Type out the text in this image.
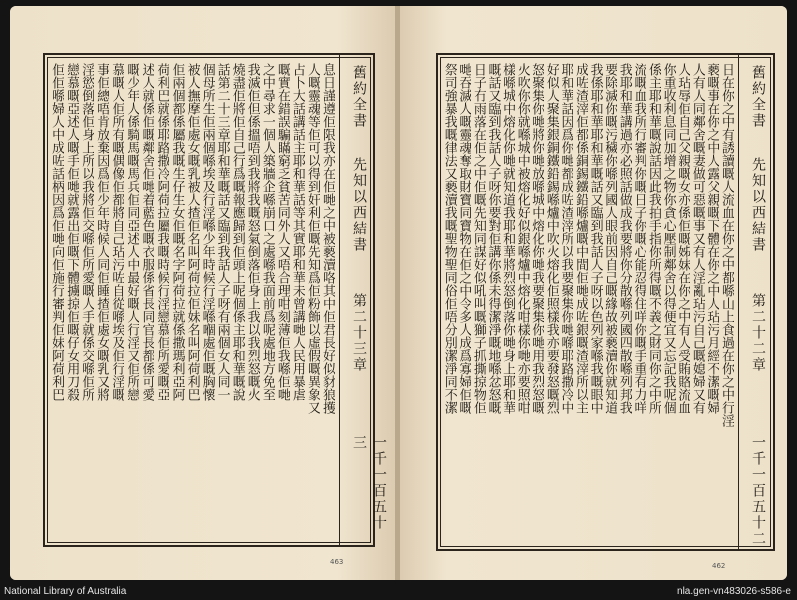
舊約全書
先知以西結書
第二十三章
一千一百五十三
息日謹遵佢限我亦在佢哋之中被褻瀆咯其中佢君長好似豺狼擭
人嘅靈魂等佢可以得到奸利佢嘅先知爲佢粉飾以虛假嘅異象又
占卜大話講話主耶和華話等其實耶和華未曾講哋人民用暴虐
嘅實在錯誤騙瞞窮乏貧苦同外人又唔合理咁刻薄佢我喺佢哋
之中尋求一個人築牆企喺崩口之處喺我面前爲呢處地方免至
我滅佢但係搵唔到我將我嘅怒氣倒落佢身上我以我烈怒嘅火
燒盡佢將佢自己行爲嘅報應歸到佢頭上呢個係主耶和華嘅說
話第二十三章耶和華嘅話又臨到我話人子呀有兩個女人同一
個母所生佢兩個喺埃及行淫喺少年時候行淫喺嗰處佢嘅胸懷
被人撫摩佢處女嘅乳被人揸佢名叫阿荷拉佢妹名叫阿荷利巴
佢兩個都係屬我嘅生仔生女佢嘅名字阿荷拉就係撒瑪利亞阿
荷利巴就係耶路撒冷阿荷拉屬我嘅時候行淫戀慕佢所愛嘅亞
述人就係佢嘅鄰舍佢哋着藍色嘅衣服係省長同官長都係可愛
嘅少年人係騎馬嘅馬兵佢同亞述人中最好嘅人行淫又佢所戀
慕嘅人佢所有嘅偶像佢都將自己玷污咗自從喺埃及佢行淫嘅
事佢總唔肯放棄因爲佢少年時候人同佢睡揸佢處女嘅乳又將
淫慾倒落佢身上所以我將佢交喺佢所愛嘅人手就係交喺佢所
戀慕嘅亞述人嘅手佢哋就露出佢嘅下體擄掠佢嘅仔女用刀殺
佢佢喺婦人中成咗話柄因爲佢哋向佢施行審判佢妹阿荷利巴
463
舊約全書
先知以西結書
第二十二章
一千一百五十二
日在你之中有誘讀嘅人流血在你之中都喺山上食過在你之中行淫
褻嘅事在你之中人露父親嘅下體在你之中人玷污月經不潔嘅婦
人有人同鄰舍嘅妻做可惡嘅事又有人淫亂玷污自己嘅媳婦又有
人玷辱佢自己父親嘅女亦係佢嘅姊妹在你之中有人受賄賂流血
你重收利息同加增之物你貪心壓制鄰舍以得便宜又忘記我呢個
係主耶和華嘅說話因此我拍手指你所得嘅不義之財同你之中所
流嘅血我所行審判你嘅日子你嘅心能忍得住咩你嘅手重有力咩
我耶和華講過亦必照話做成我要將你分散喺列國四散喺列邦我
要除滅你嘅污穢你喺列國人眼前因自己嘅緣故被褻瀆你就知道
我係耶和華耶和華嘅話又臨到我話人子呀以色列家喺我嘅眼中
成咗渣滓佢都係銅錫鐵鉛喺爐嘅中間佢哋成咗銀嘅渣滓所以主
耶和華話因爲你哋都成咗渣滓所以我要聚集你哋喺耶路撒冷中
好似人聚集銀銅鐵鉛錫喺爐中吹火熔化佢照樣我亦要發怒嘅烈
怒聚集你哋將你哋放喺城中熔化你哋我要聚集你哋用我烈怒嘅
火吹你你就喺城中被熔化好似銀喺爐中熔化咁樣你哋亦要照咁
樣喺城中熔化你哋就知道我耶和華將烈怒倒落你哋身上耶和華
嘅話又臨到我話人子呀你要對佢講你係未得潔淨嘅地喺忿怒嘅
日子冇雨落在佢之中佢嘅先知同謀好似吼叫嘅獅子抓撕掠物佢
哋吞滅人嘅靈魂奪取財寶同寶物在佢之中令多人成爲寡婦佢嘅
祭司強暴我嘅律法又褻瀆我嘅聖物聖同俗佢唔分別潔淨同不潔
462
National Library of Australia	nla.gen-vn483026-s586-e
